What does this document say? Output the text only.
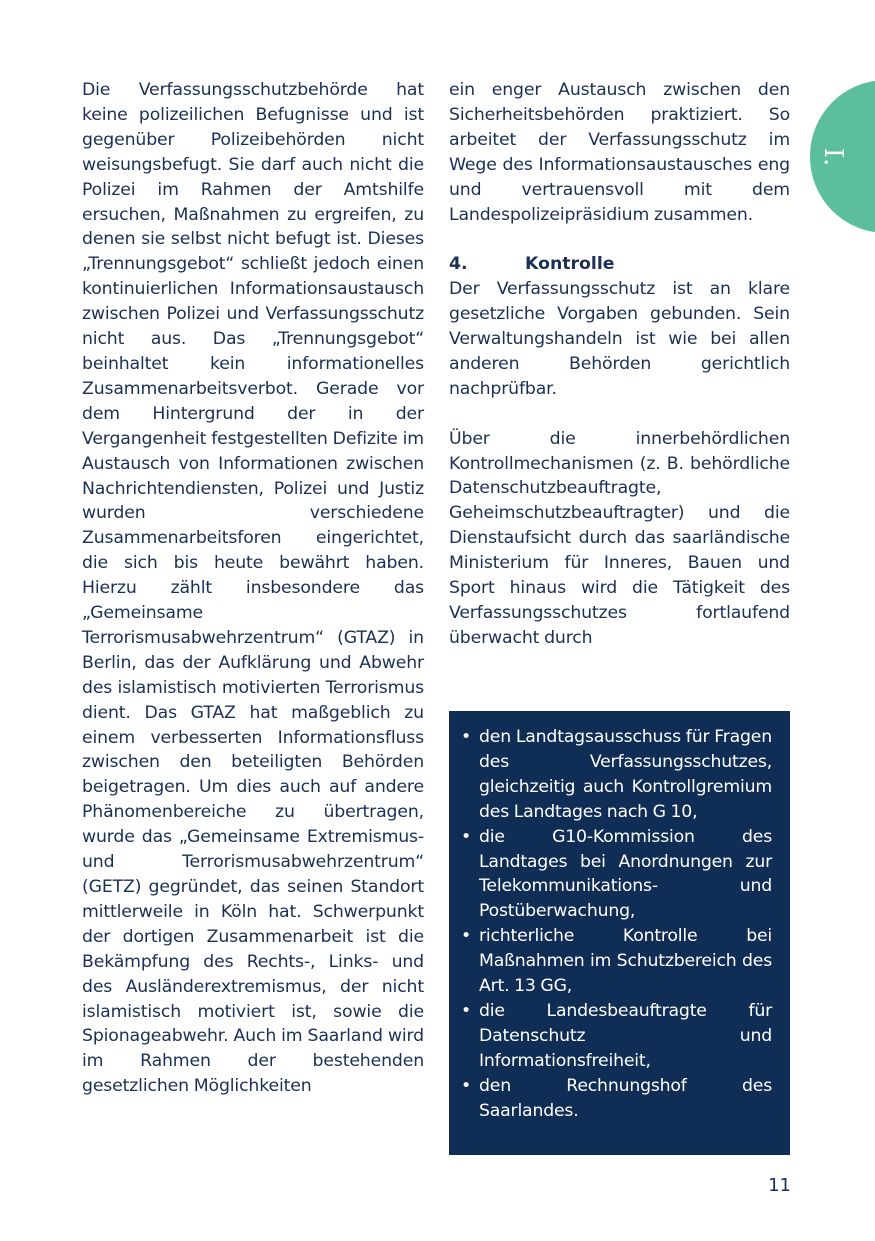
Die Verfassungsschutzbehörde hat keine polizeilichen Befugnisse und ist gegenüber Polizeibehörden nicht weisungsbefugt. Sie darf auch nicht die Polizei im Rahmen der Amtshilfe ersuchen, Maßnahmen zu ergreifen, zu denen sie selbst nicht befugt ist. Dieses „Trennungsgebot“ schließt jedoch einen kontinuierlichen Informationsaustausch zwischen Polizei und Verfassungsschutz nicht aus. Das „Trennungsgebot“ beinhaltet kein informationelles Zusammenarbeitsverbot. Gerade vor dem Hintergrund der in der Vergangenheit festgestellten Defizite im Austausch von Informationen zwischen Nachrichtendiensten, Polizei und Justiz wurden verschiedene Zusammenarbeitsforen eingerichtet, die sich bis heute bewährt haben. Hierzu zählt insbesondere das „Gemeinsame Terrorismusabwehrzentrum“ (GTAZ) in Berlin, das der Aufklärung und Abwehr des islamistisch motivierten Terrorismus dient. Das GTAZ hat maßgeblich zu einem verbesserten Informationsfluss zwischen den beteiligten Behörden beigetragen. Um dies auch auf andere Phänomenbereiche zu übertragen, wurde das „Gemeinsame Extremismus- und Terrorismusabwehrzentrum“ (GETZ) gegründet, das seinen Standort mittlerweile in Köln hat. Schwerpunkt der dortigen Zusammenarbeit ist die Bekämpfung des Rechts-, Links- und des Ausländerextremismus, der nicht islamistisch motiviert ist, sowie die Spionageabwehr. Auch im Saarland wird im Rahmen der bestehenden gesetzlichen Möglichkeiten

ein enger Austausch zwischen den Sicherheitsbehörden praktiziert. So arbeitet der Verfassungsschutz im Wege des Informationsaustausches eng und vertrauensvoll mit dem Landespolizeipräsidium zusammen.

4.	Kontrolle

Der Verfassungsschutz ist an klare gesetzliche Vorgaben gebunden. Sein Verwaltungshandeln ist wie bei allen anderen Behörden gerichtlich nachprüfbar.

Über die innerbehördlichen Kontrollmechanismen (z. B. behördliche Datenschutzbeauftragte, Geheimschutzbeauftragter) und die Dienstaufsicht durch das saarländische Ministerium für Inneres, Bauen und Sport hinaus wird die Tätigkeit des Verfassungsschutzes fortlaufend überwacht durch

• den Landtagsausschuss für Fragen des Verfassungsschutzes, gleichzeitig auch Kontrollgremium des Landtages nach G 10,
• die G10-Kommission des Landtages bei Anordnungen zur Telekommunikations- und Postüberwachung,
• richterliche Kontrolle bei Maßnahmen im Schutzbereich des Art. 13 GG,
• die Landesbeauftragte für Datenschutz und Informationsfreiheit,
• den Rechnungshof des Saarlandes.
I.
11
